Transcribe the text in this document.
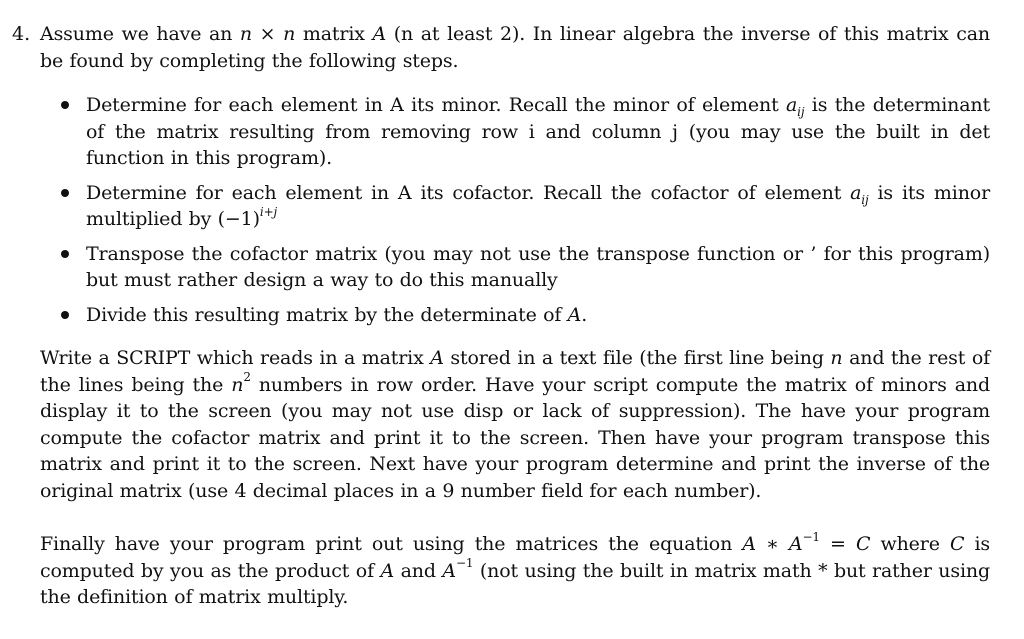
4. Assume we have an n × n matrix A (n at least 2). In linear algebra the inverse of this matrix can be found by completing the following steps.

Determine for each element in A its minor. Recall the minor of element $a_{ij}$ is the determinant of the matrix resulting from removing row i and column j (you may use the built in det function in this program).
Determine for each element in A its cofactor. Recall the cofactor of element $a_{ij}$ is its minor multiplied by $(-1)^{i+j}$
Transpose the cofactor matrix (you may not use the transpose function or ’ for this program) but must rather design a way to do this manually
Divide this resulting matrix by the determinate of A.

Write a SCRIPT which reads in a matrix A stored in a text file (the first line being n and the rest of the lines being the $n^2$ numbers in row order. Have your script compute the matrix of minors and display it to the screen (you may not use disp or lack of suppression). The have your program compute the cofactor matrix and print it to the screen. Then have your program transpose this matrix and print it to the screen. Next have your program determine and print the inverse of the original matrix (use 4 decimal places in a 9 number field for each number).

Finally have your program print out using the matrices the equation A ∗ $A^{-1} = C$ where C is computed by you as the product of A and $A^{-1}$ (not using the built in matrix math * but rather using the definition of matrix multiply.
